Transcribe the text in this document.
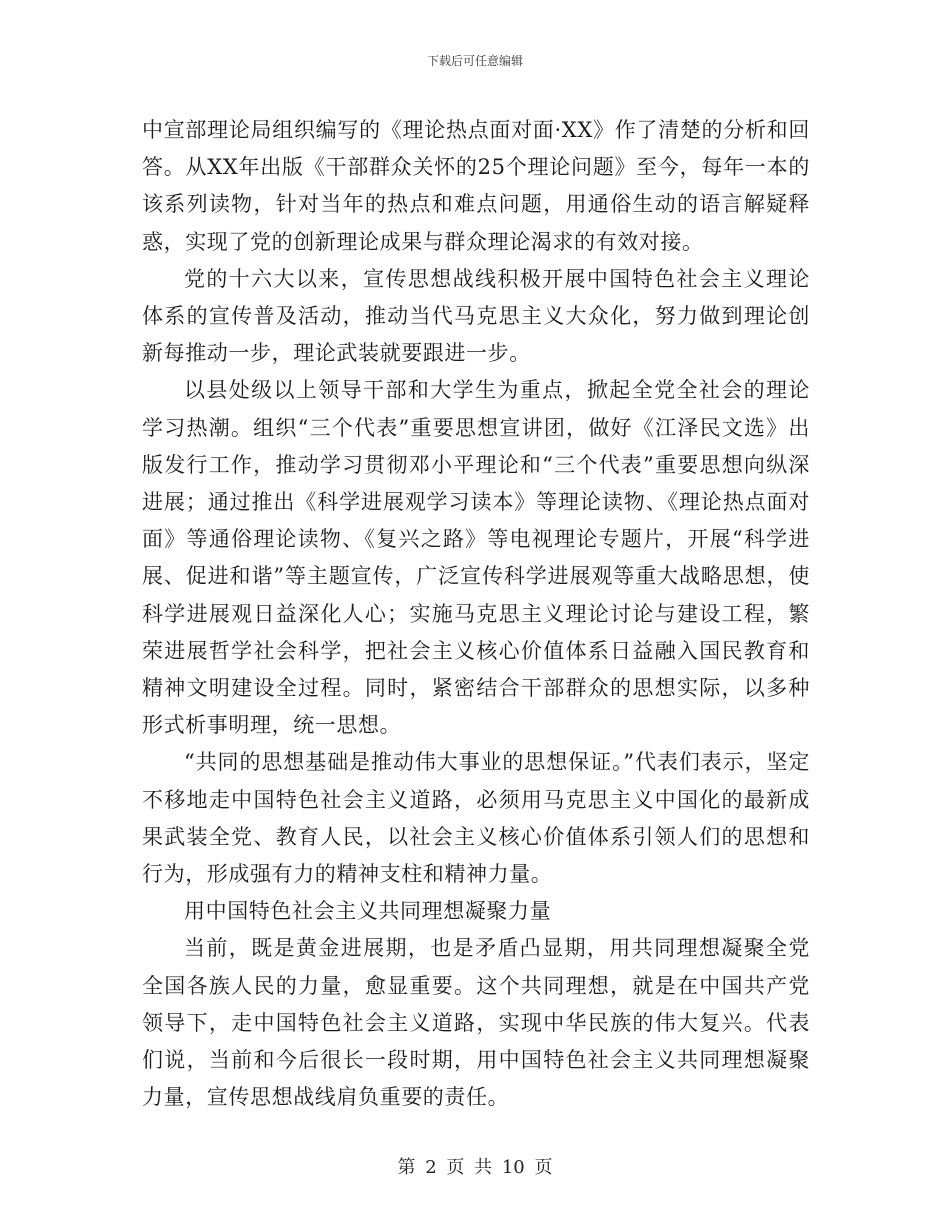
下载后可任意编辑

中宣部理论局组织编写的《理论热点面对面·XX》作了清楚的分析和回答。从XX年出版《干部群众关怀的25个理论问题》至今，每年一本的该系列读物，针对当年的热点和难点问题，用通俗生动的语言解疑释惑，实现了党的创新理论成果与群众理论渴求的有效对接。

党的十六大以来，宣传思想战线积极开展中国特色社会主义理论体系的宣传普及活动，推动当代马克思主义大众化，努力做到理论创新每推动一步，理论武装就要跟进一步。

以县处级以上领导干部和大学生为重点，掀起全党全社会的理论学习热潮。组织“三个代表”重要思想宣讲团，做好《江泽民文选》出版发行工作，推动学习贯彻邓小平理论和“三个代表”重要思想向纵深进展；通过推出《科学进展观学习读本》等理论读物、《理论热点面对面》等通俗理论读物、《复兴之路》等电视理论专题片，开展“科学进展、促进和谐”等主题宣传，广泛宣传科学进展观等重大战略思想，使科学进展观日益深化人心；实施马克思主义理论讨论与建设工程，繁荣进展哲学社会科学，把社会主义核心价值体系日益融入国民教育和精神文明建设全过程。同时，紧密结合干部群众的思想实际，以多种形式析事明理，统一思想。

“共同的思想基础是推动伟大事业的思想保证。”代表们表示，坚定不移地走中国特色社会主义道路，必须用马克思主义中国化的最新成果武装全党、教育人民，以社会主义核心价值体系引领人们的思想和行为，形成强有力的精神支柱和精神力量。

用中国特色社会主义共同理想凝聚力量

当前，既是黄金进展期，也是矛盾凸显期，用共同理想凝聚全党全国各族人民的力量，愈显重要。这个共同理想，就是在中国共产党领导下，走中国特色社会主义道路，实现中华民族的伟大复兴。代表们说，当前和今后很长一段时期，用中国特色社会主义共同理想凝聚力量，宣传思想战线肩负重要的责任。

第 2 页 共 10 页
